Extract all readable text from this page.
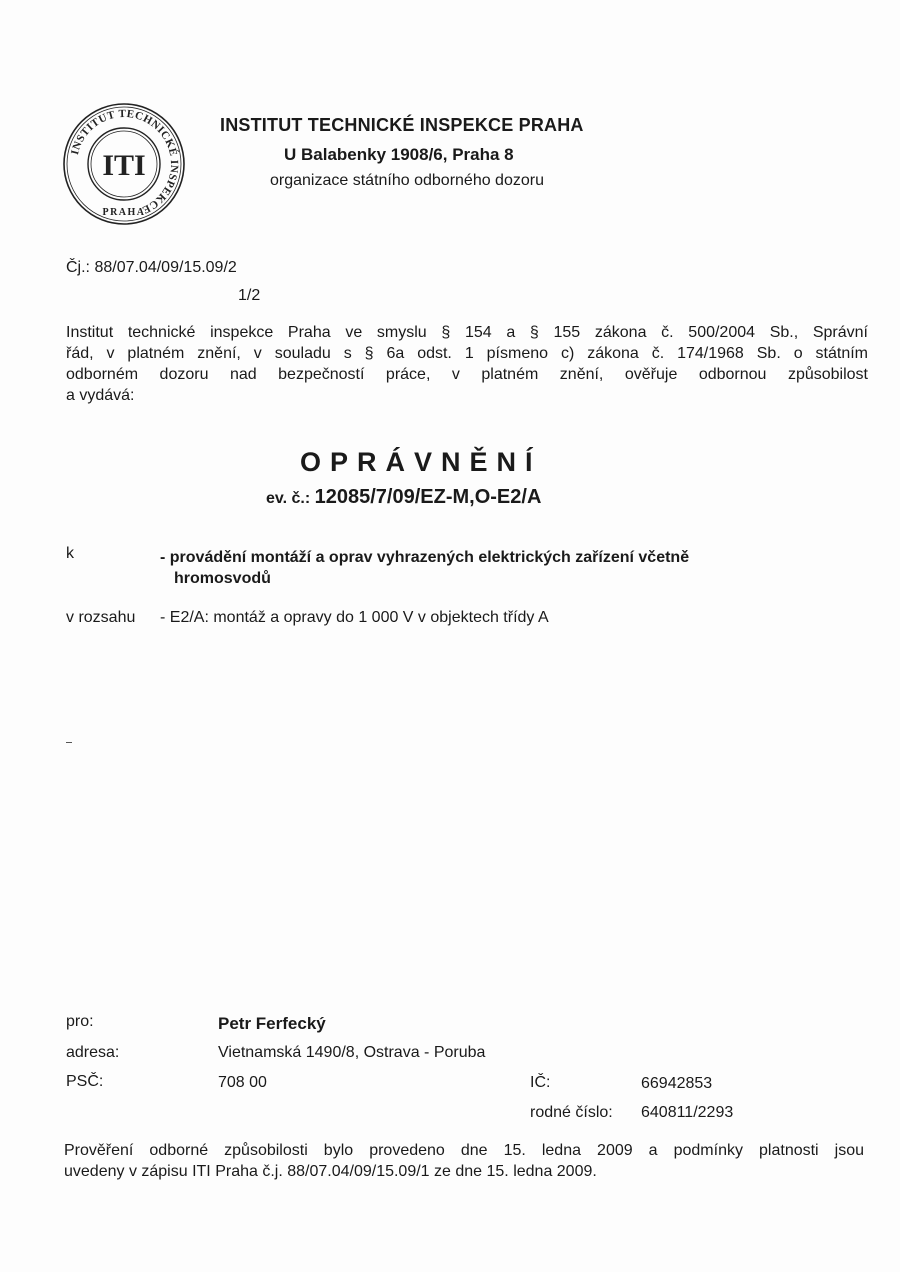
INSTITUT TECHNICKÉ INSPEKCE
PRAHA
ITI
INSTITUT TECHNICKÉ INSPEKCE PRAHA
U Balabenky 1908/6, Praha 8
organizace státního odborného dozoru
Čj.: 88/07.04/09/15.09/2
1/2
Institut technické inspekce Praha ve smyslu § 154 a § 155 zákona č. 500/2004 Sb., Správní
řád, v platném znění, v souladu s § 6a odst. 1 písmeno c) zákona č. 174/1968 Sb. o státním
odborném dozoru nad bezpečností práce, v platném znění, ověřuje odbornou způsobilost
a vydává:
OPRÁVNĚNÍ
ev. č.: 12085/7/09/EZ-M,O-E2/A
k	- provádění montáží a oprav vyhrazených elektrických zařízení včetně
hromosvodů
v rozsahu - E2/A: montáž a opravy do 1 000 V v objektech třídy A
pro:	Petr Ferfecký
adresa:	Vietnamská 1490/8, Ostrava - Poruba
PSČ:	708 00	IČ:	66942853
rodné číslo: 640811/2293
Prověření odborné způsobilosti bylo provedeno dne 15. ledna 2009 a podmínky platnosti jsou
uvedeny v zápisu ITI Praha č.j. 88/07.04/09/15.09/1 ze dne 15. ledna 2009.
